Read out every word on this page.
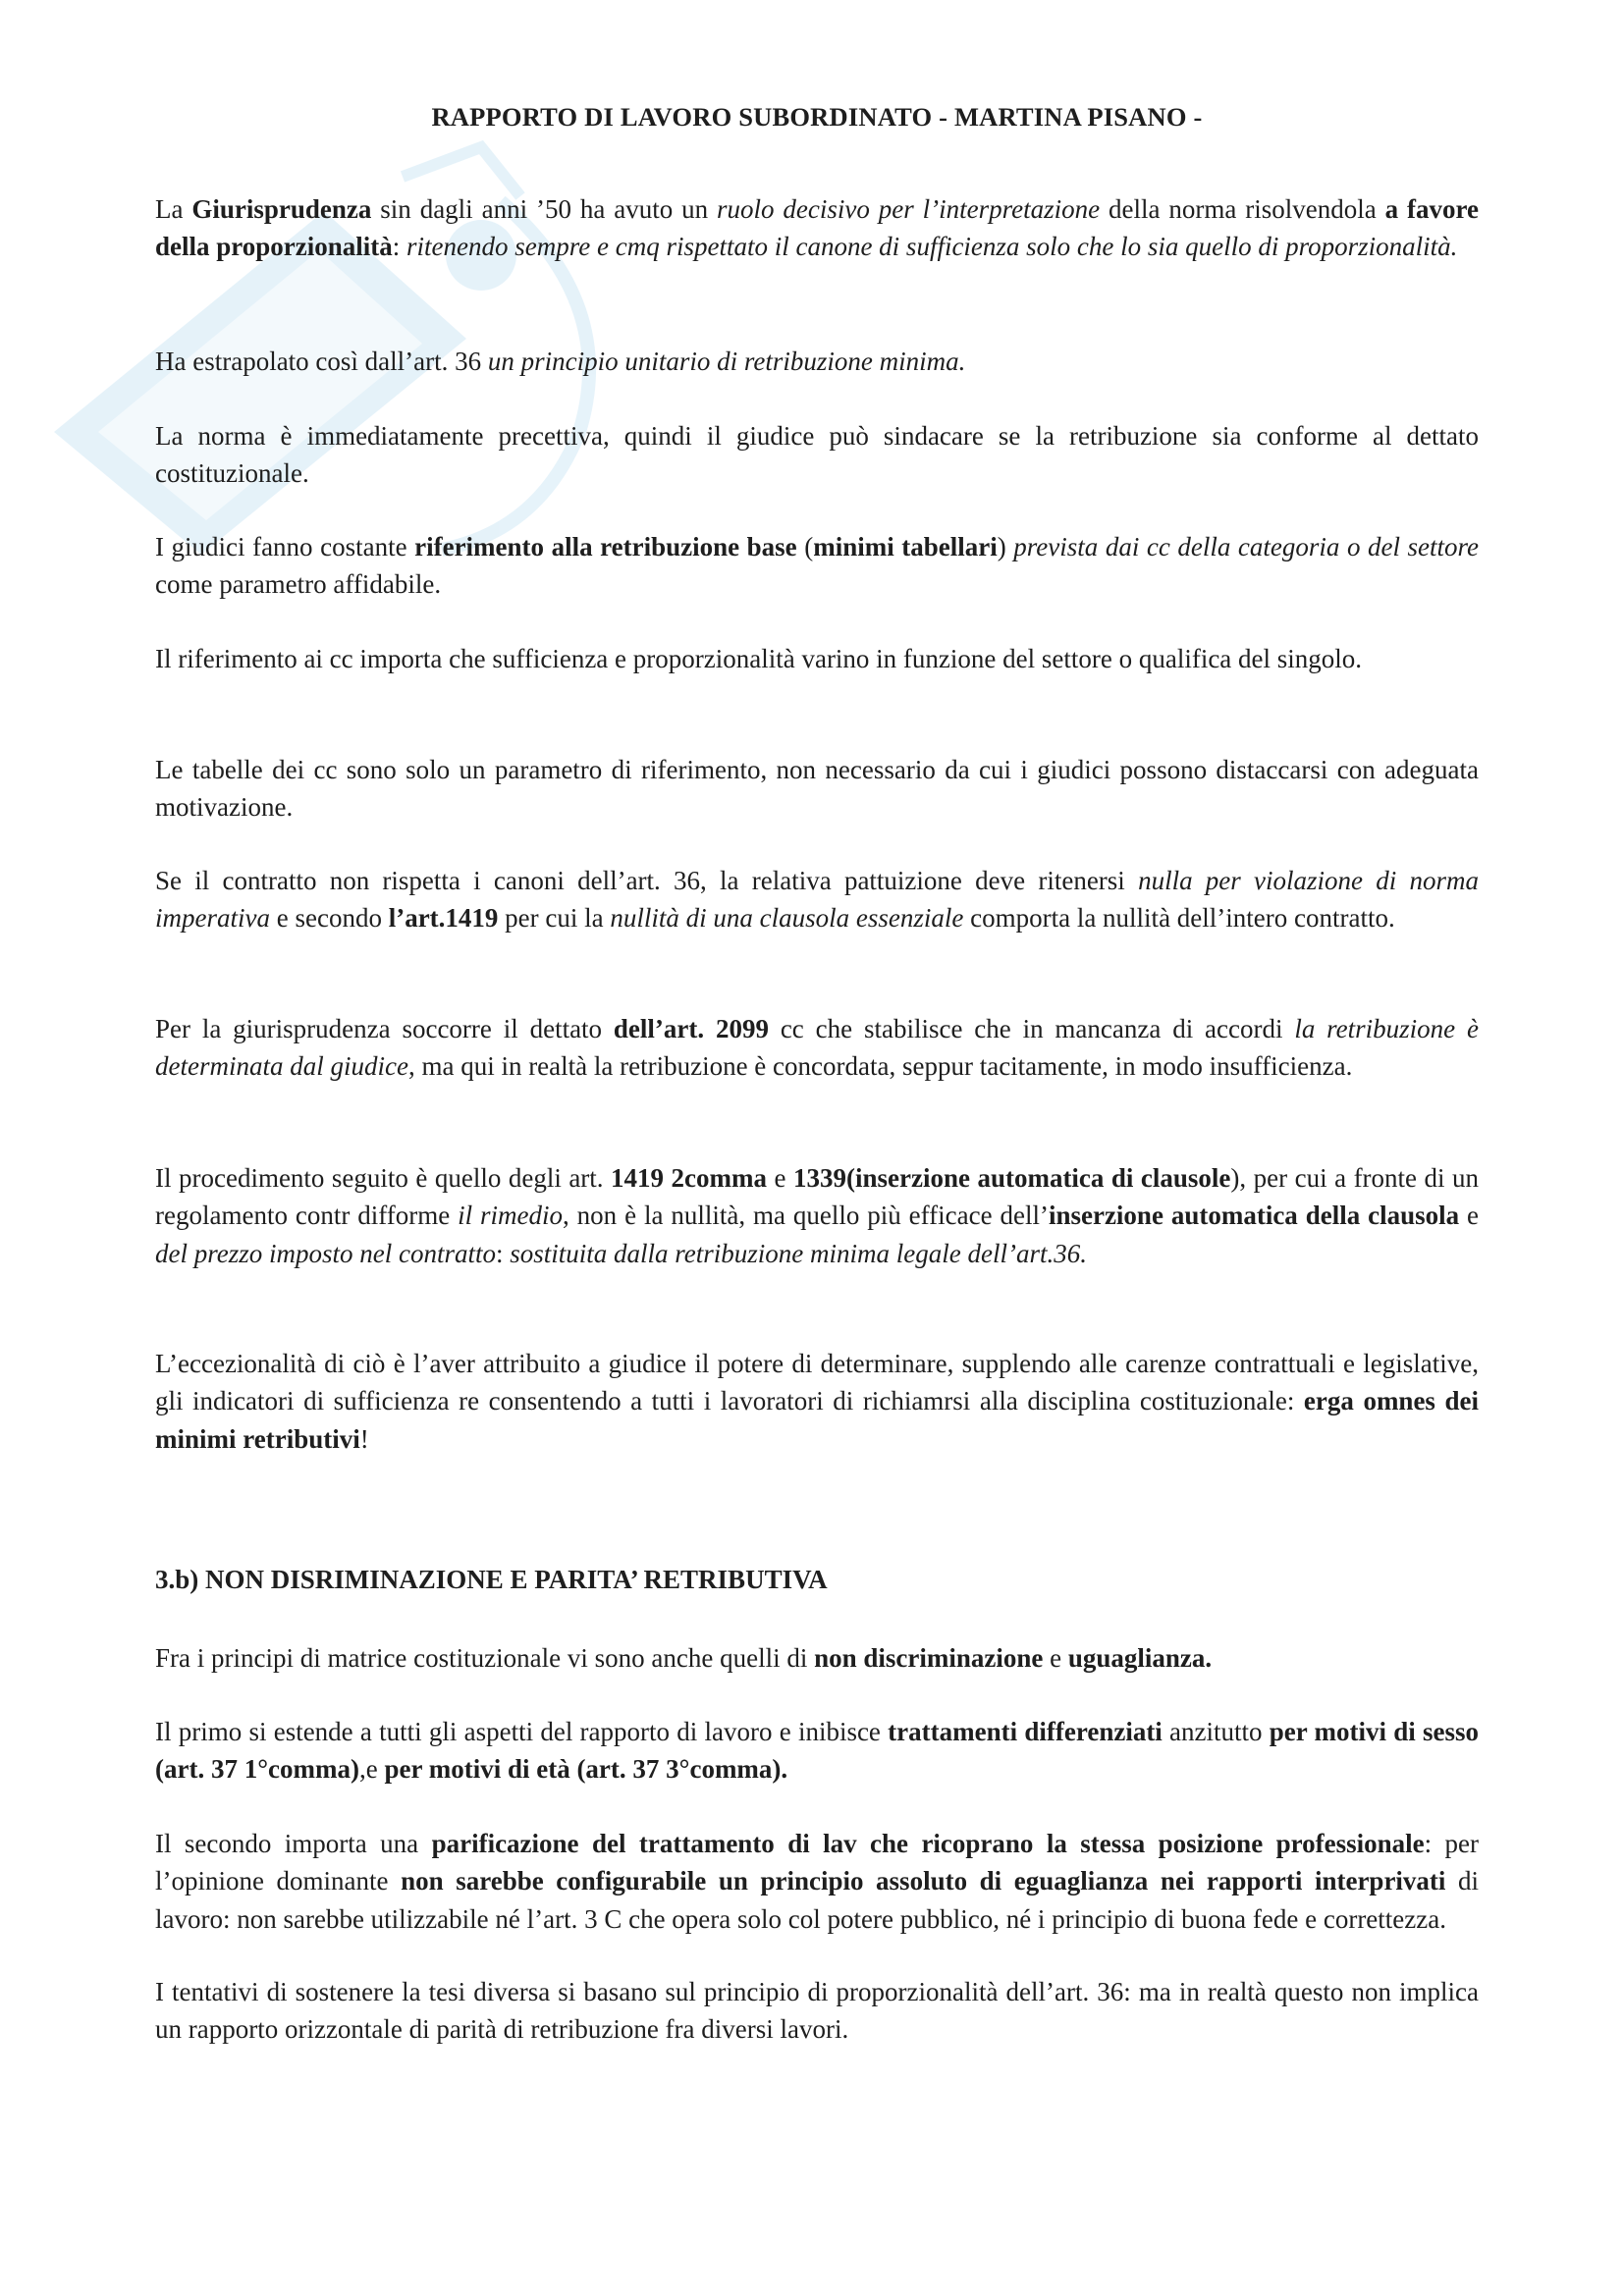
RAPPORTO DI LAVORO SUBORDINATO - MARTINA PISANO -

La Giurisprudenza sin dagli anni ’50 ha avuto un ruolo decisivo per l’interpretazione della norma risolvendola a favore della proporzionalità: ritenendo sempre e cmq rispettato il canone di sufficienza solo che lo sia quello di proporzionalità.

Ha estrapolato così dall’art. 36 un principio unitario di retribuzione minima.

La norma è immediatamente precettiva, quindi il giudice può sindacare se la retribuzione sia conforme al dettato costituzionale.

I giudici fanno costante riferimento alla retribuzione base (minimi tabellari) prevista dai cc della categoria o del settore come parametro affidabile.

Il riferimento ai cc importa che sufficienza e proporzionalità varino in funzione del settore o qualifica del singolo.

Le tabelle dei cc sono solo un parametro di riferimento, non necessario da cui i giudici possono distaccarsi con adeguata motivazione.

Se il contratto non rispetta i canoni dell’art. 36, la relativa pattuizione deve ritenersi nulla per violazione di norma imperativa e secondo l’art.1419 per cui la nullità di una clausola essenziale comporta la nullità dell’intero contratto.

Per la giurisprudenza soccorre il dettato dell’art. 2099 cc che stabilisce che in mancanza di accordi la retribuzione è determinata dal giudice, ma qui in realtà la retribuzione è concordata, seppur tacitamente, in modo insufficienza.

Il procedimento seguito è quello degli art. 1419 2comma e 1339(inserzione automatica di clausole), per cui a fronte di un regolamento contr difforme il rimedio, non è la nullità, ma quello più efficace dell’inserzione automatica della clausola e del prezzo imposto nel contratto: sostituita dalla retribuzione minima legale dell’art.36.

L’eccezionalità di ciò è l’aver attribuito a giudice il potere di determinare, supplendo alle carenze contrattuali e legislative, gli indicatori di sufficienza re consentendo a tutti i lavoratori di richiamrsi alla disciplina costituzionale: erga omnes dei minimi retributivi!

3.b) NON DISRIMINAZIONE E PARITA’ RETRIBUTIVA

Fra i principi di matrice costituzionale vi sono anche quelli di non discriminazione e uguaglianza.

Il primo si estende a tutti gli aspetti del rapporto di lavoro e inibisce trattamenti differenziati anzitutto per motivi di sesso (art. 37 1°comma),e per motivi di età (art. 37 3°comma).

Il secondo importa una parificazione del trattamento di lav che ricoprano la stessa posizione professionale: per l’opinione dominante non sarebbe configurabile un principio assoluto di eguaglianza nei rapporti interprivati di lavoro: non sarebbe utilizzabile né l’art. 3 C che opera solo col potere pubblico, né i principio di buona fede e correttezza.

I tentativi di sostenere la tesi diversa si basano sul principio di proporzionalità dell’art. 36: ma in realtà questo non implica un rapporto orizzontale di parità di retribuzione fra diversi lavori.
